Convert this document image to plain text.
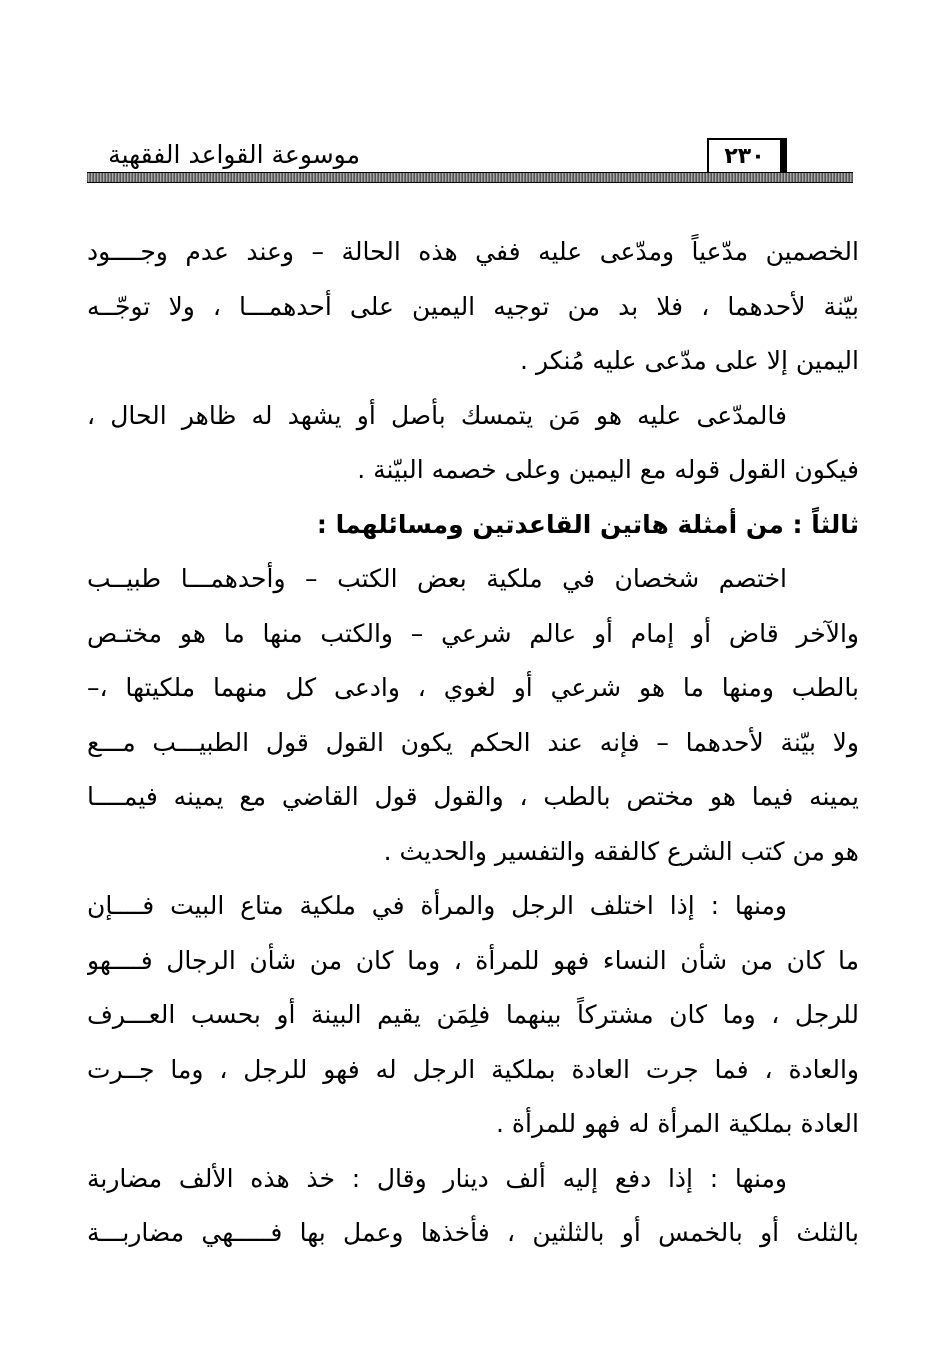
موسوعة القواعد الفقهية	٢٣٠
الخصمين مدّعياً ومدّعى عليه ففي هذه الحالة – وعند عدم وجــــود
بيّنة لأحدهما ، فلا بد من توجيه اليمين على أحدهمـــا ، ولا توجّــه
اليمين إلا على مدّعى عليه مُنكر .
فالمدّعى عليه هو مَن يتمسك بأصل أو يشهد له ظاهر الحال ،
فيكون القول قوله مع اليمين وعلى خصمه البيّنة .
ثالثاً : من أمثلة هاتين القاعدتين ومسائلهما :
اختصم شخصان في ملكية بعض الكتب – وأحدهمـــا طبيــب
والآخر قاض أو إمام أو عالم شرعي – والكتب منها ما هو مختـص
بالطب ومنها ما هو شرعي أو لغوي ، وادعى كل منهما ملكيتها ،–
ولا بيّنة لأحدهما – فإنه عند الحكم يكون القول قول الطبيـــب مـــع
يمينه فيما هو مختص بالطب ، والقول قول القاضي مع يمينه فيمــــا
هو من كتب الشرع كالفقه والتفسير والحديث .
ومنها : إذا اختلف الرجل والمرأة في ملكية متاع البيت فــــإن
ما كان من شأن النساء فهو للمرأة ، وما كان من شأن الرجال فــــهو
للرجل ، وما كان مشتركاً بينهما فلِمَن يقيم البينة أو بحسب العـــرف
والعادة ، فما جرت العادة بملكية الرجل له فهو للرجل ، وما جــرت
العادة بملكية المرأة له فهو للمرأة .
ومنها : إذا دفع إليه ألف دينار وقال : خذ هذه الألف مضاربة
بالثلث أو بالخمس أو بالثلثين ، فأخذها وعمل بها فـــــهي مضاربـــة
